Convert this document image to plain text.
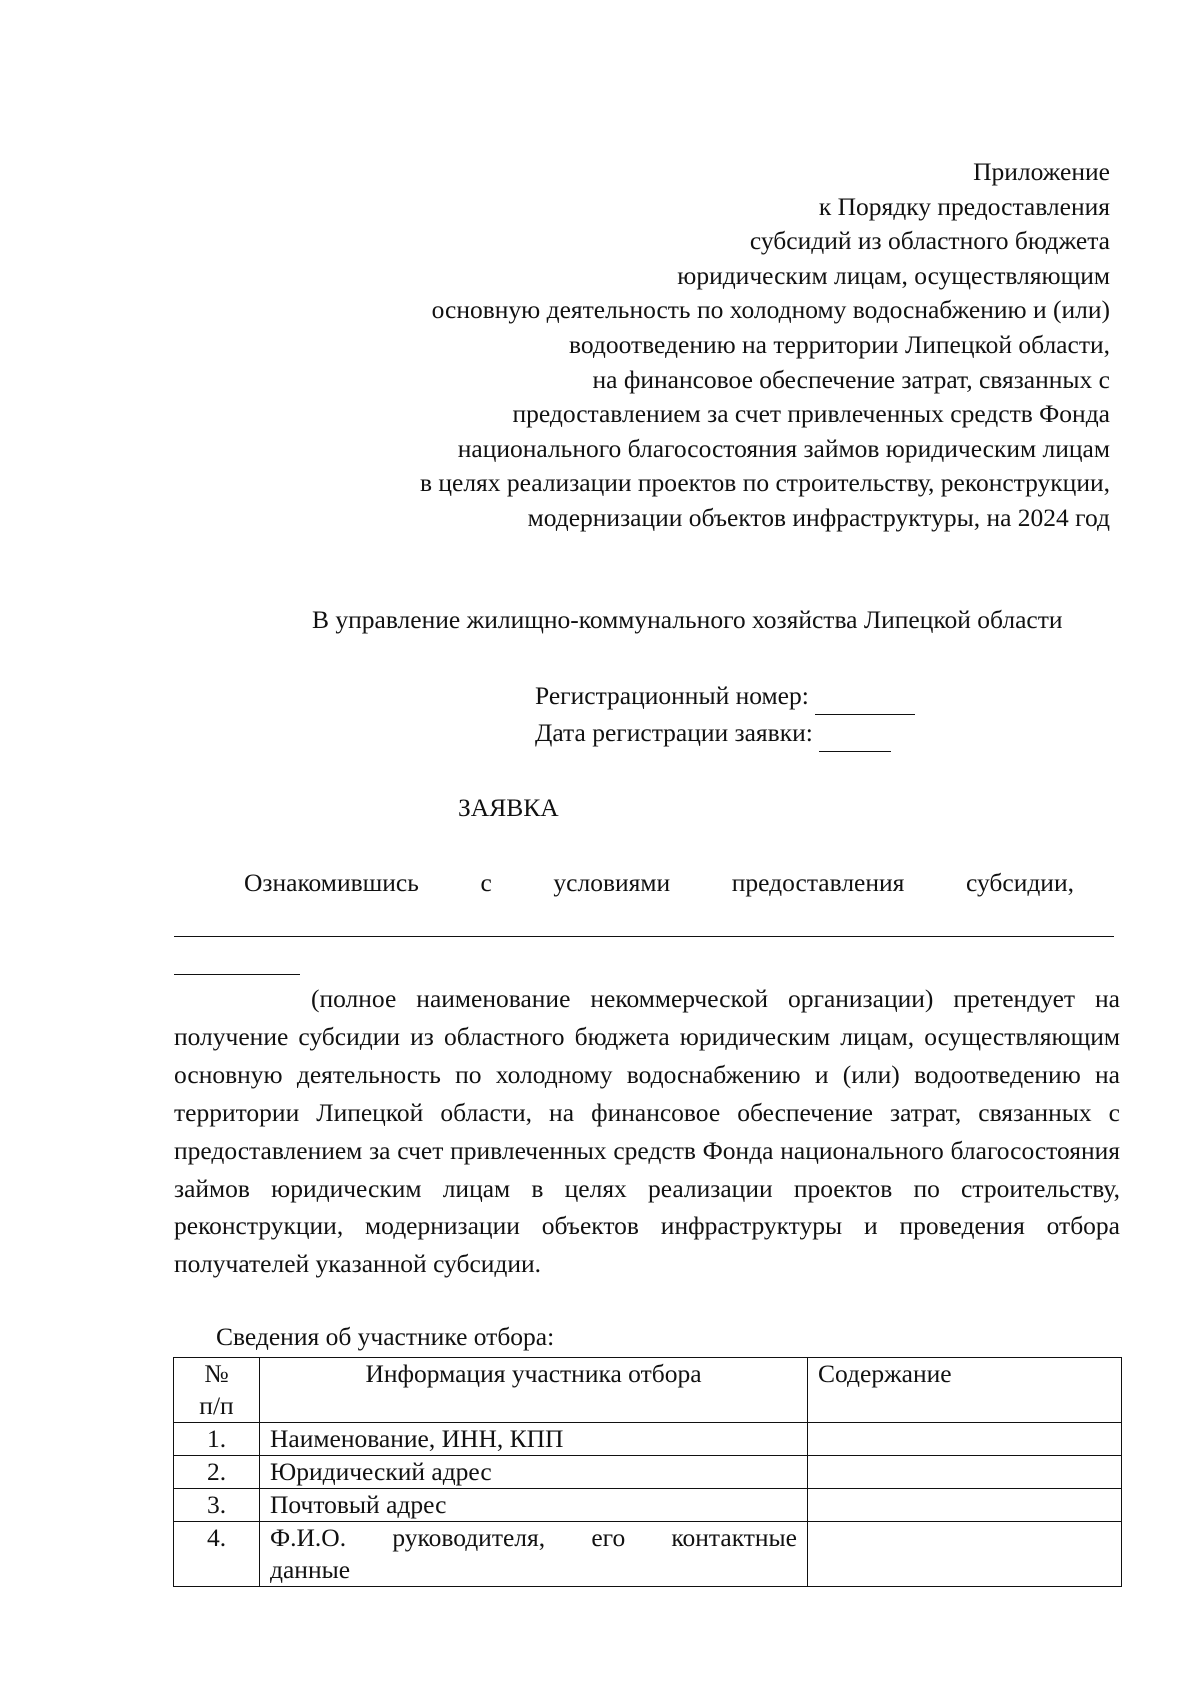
Приложение
к Порядку предоставления
субсидий из областного бюджета
юридическим лицам, осуществляющим
основную деятельность по холодному водоснабжению и (или)
водоотведению на территории Липецкой области,
на финансовое обеспечение затрат, связанных с
предоставлением за счет привлеченных средств Фонда
национального благосостояния займов юридическим лицам
в целях реализации проектов по строительству, реконструкции,
модернизации объектов инфраструктуры, на 2024 год
В управление жилищно-коммунального хозяйства Липецкой области
Регистрационный номер:
Дата регистрации заявки:
ЗАЯВКА
Ознакомившись с условиями предоставления субсидии,
(полное наименование некоммерческой организации) претендует на получение субсидии из областного бюджета юридическим лицам, осуществляющим основную деятельность по холодному водоснабжению и (или) водоотведению на территории Липецкой области, на финансовое обеспечение затрат, связанных с предоставлением за счет привлеченных средств Фонда национального благосостояния займов юридическим лицам в целях реализации проектов по строительству, реконструкции, модернизации объектов инфраструктуры и проведения отбора получателей указанной субсидии.
Сведения об участнике отбора:
№
п/п	Информация участника отбора	Содержание
1.	Наименование, ИНН, КПП	
2.	Юридический адрес	
3.	Почтовый адрес	
4.	Ф.И.О. руководителя, его контактные
данные	
